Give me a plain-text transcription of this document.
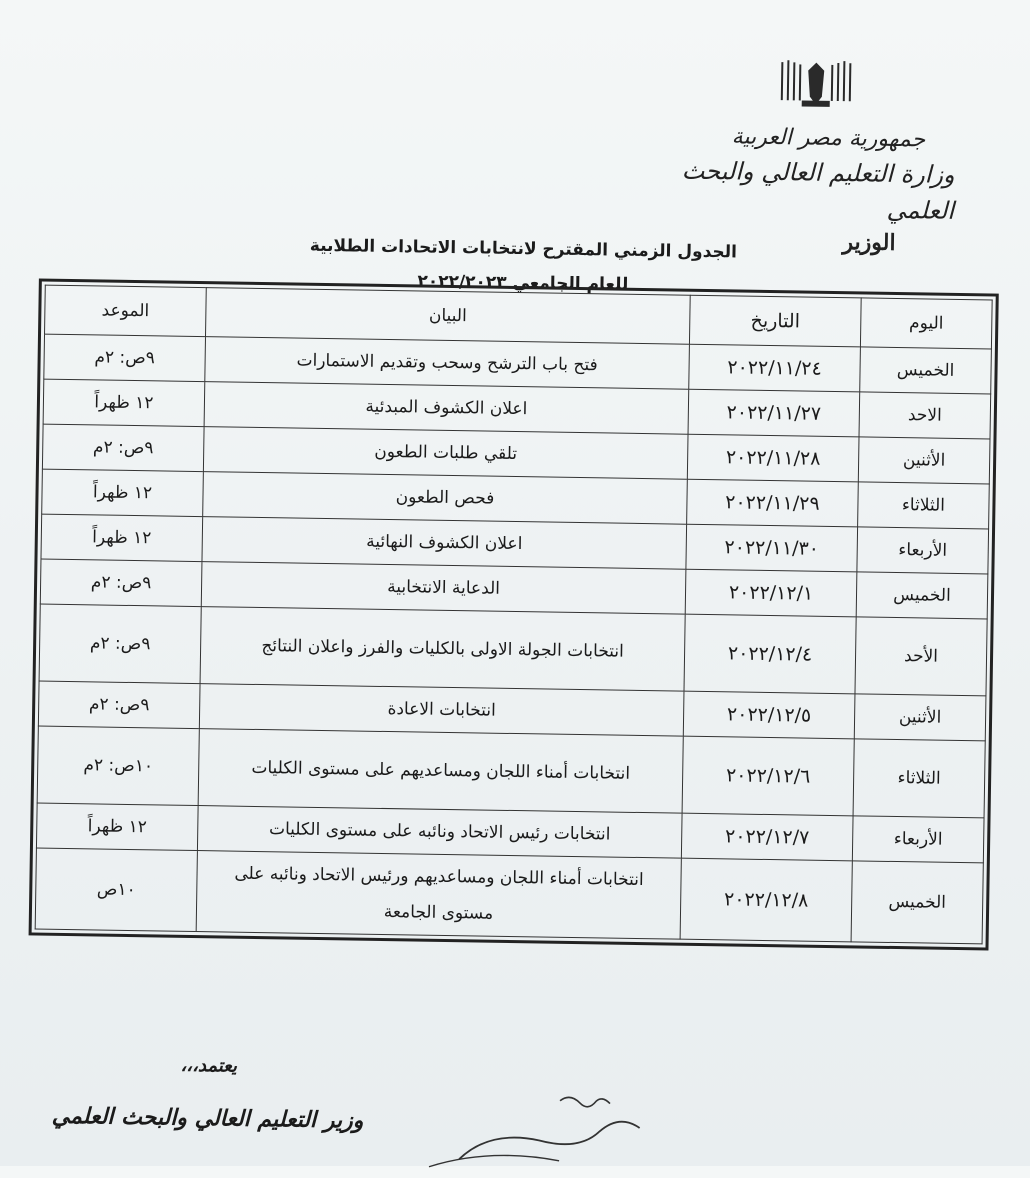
جمهورية مصر العربية
وزارة التعليم العالي والبحث العلمي
الوزير
الجدول الزمني المقترح لانتخابات الاتحادات الطلابية
للعام الجامعي ٢٠٢٢/٢٠٢٣
اليوم	التاريخ	البيان	الموعد
الخميس	٢٠٢٢/١١/٢٤	فتح باب الترشح وسحب وتقديم الاستمارات	٩ص: ٢م
الاحد	٢٠٢٢/١١/٢٧	اعلان الكشوف المبدئية	١٢ ظهراً
الأثنين	٢٠٢٢/١١/٢٨	تلقي طلبات الطعون	٩ص: ٢م
الثلاثاء	٢٠٢٢/١١/٢٩	فحص الطعون	١٢ ظهراً
الأربعاء	٢٠٢٢/١١/٣٠	اعلان الكشوف النهائية	١٢ ظهراً
الخميس	٢٠٢٢/١٢/١	الدعاية الانتخابية	٩ص: ٢م
الأحد	٢٠٢٢/١٢/٤	انتخابات الجولة الاولى بالكليات والفرز واعلان النتائج	٩ص: ٢م
الأثنين	٢٠٢٢/١٢/٥	انتخابات الاعادة	٩ص: ٢م
الثلاثاء	٢٠٢٢/١٢/٦	انتخابات أمناء اللجان ومساعديهم على مستوى الكليات	١٠ص: ٢م
الأربعاء	٢٠٢٢/١٢/٧	انتخابات رئيس الاتحاد ونائبه على مستوى الكليات	١٢ ظهراً
الخميس	٢٠٢٢/١٢/٨	انتخابات أمناء اللجان ومساعديهم ورئيس الاتحاد ونائبه على مستوى الجامعة	١٠ص
يعتمد،،،
وزير التعليم العالي والبحث العلمي
